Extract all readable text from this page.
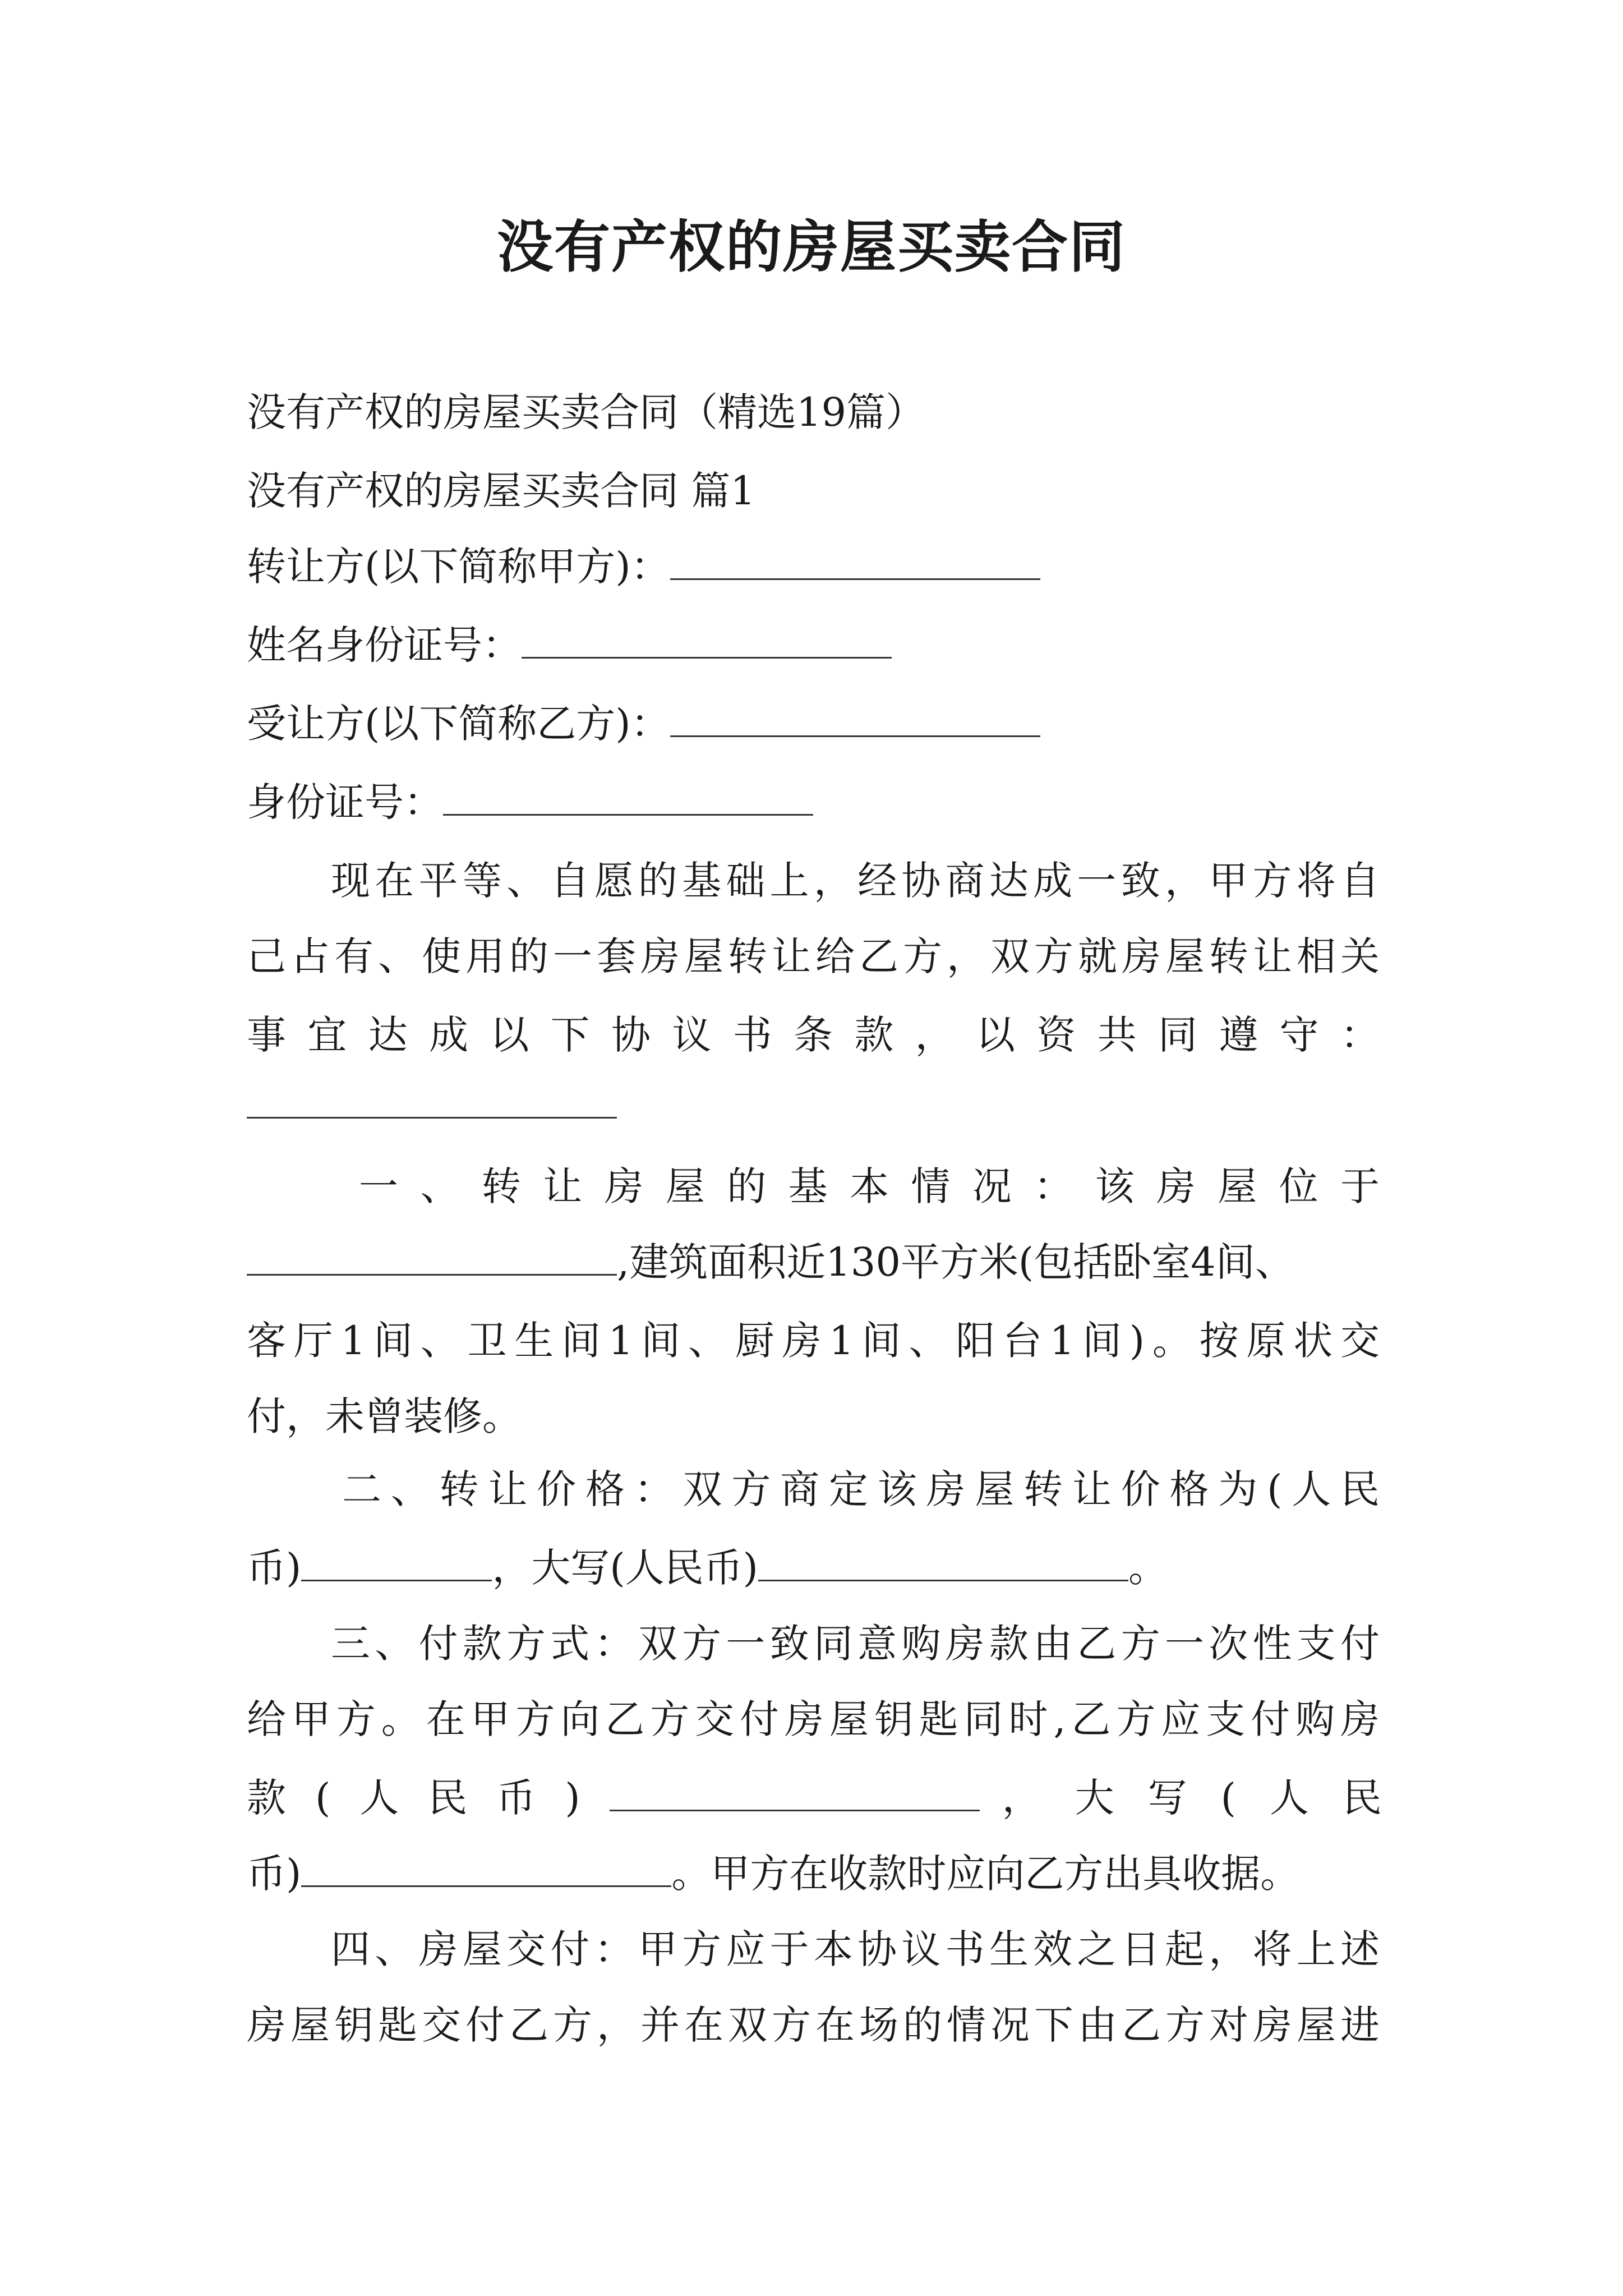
没有产权的房屋买卖合同
没有产权的房屋买卖合同（精选19篇）
没有产权的房屋买卖合同 篇1
转让方(以下简称甲方)：
姓名身份证号：
受让方(以下简称乙方)：
身份证号：
现在平等、自愿的基础上，经协商达成一致，甲方将自
己占有、使用的一套房屋转让给乙方，双方就房屋转让相关
事宜达成以下协议书条款，以资共同遵守：
一、转让房屋的基本情况：该房屋位于
,建筑面积近130平方米(包括卧室4间、
客厅1间、卫生间1间、厨房1间、阳台1间)。按原状交
付，未曾装修。
二、转让价格：双方商定该房屋转让价格为(人民
币)	，大写(人民币)	。
三、付款方式：双方一致同意购房款由乙方一次性支付
给甲方。在甲方向乙方交付房屋钥匙同时,乙方应支付购房
款(人民币)	，大写(人民
币)	。甲方在收款时应向乙方出具收据。
四、房屋交付：甲方应于本协议书生效之日起，将上述
房屋钥匙交付乙方，并在双方在场的情况下由乙方对房屋进
